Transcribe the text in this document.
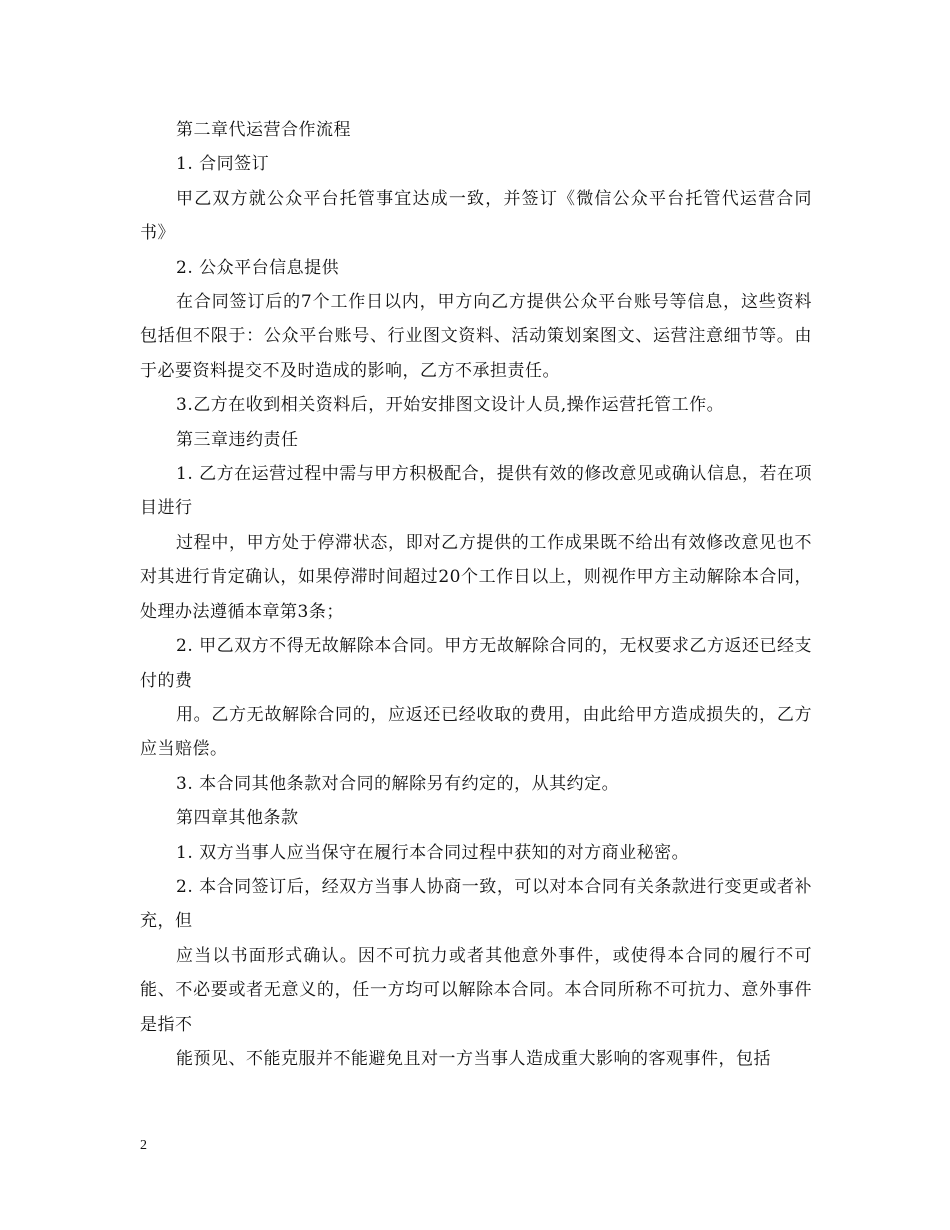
第二章代运营合作流程

1. 合同签订

甲乙双方就公众平台托管事宜达成一致，并签订《微信公众平台托管代运营合同书》

2. 公众平台信息提供

在合同签订后的7个工作日以内，甲方向乙方提供公众平台账号等信息，这些资料包括但不限于：公众平台账号、行业图文资料、活动策划案图文、运营注意细节等。由于必要资料提交不及时造成的影响，乙方不承担责任。

3.乙方在收到相关资料后，开始安排图文设计人员,操作运营托管工作。

第三章违约责任

1. 乙方在运营过程中需与甲方积极配合，提供有效的修改意见或确认信息，若在项目进行

过程中，甲方处于停滞状态，即对乙方提供的工作成果既不给出有效修改意见也不对其进行肯定确认，如果停滞时间超过20个工作日以上，则视作甲方主动解除本合同，处理办法遵循本章第3条；

2. 甲乙双方不得无故解除本合同。甲方无故解除合同的，无权要求乙方返还已经支付的费

用。乙方无故解除合同的，应返还已经收取的费用，由此给甲方造成损失的，乙方应当赔偿。

3. 本合同其他条款对合同的解除另有约定的，从其约定。

第四章其他条款

1. 双方当事人应当保守在履行本合同过程中获知的对方商业秘密。

2. 本合同签订后，经双方当事人协商一致，可以对本合同有关条款进行变更或者补充，但

应当以书面形式确认。因不可抗力或者其他意外事件，或使得本合同的履行不可能、不必要或者无意义的，任一方均可以解除本合同。本合同所称不可抗力、意外事件是指不

能预见、不能克服并不能避免且对一方当事人造成重大影响的客观事件，包括

2
